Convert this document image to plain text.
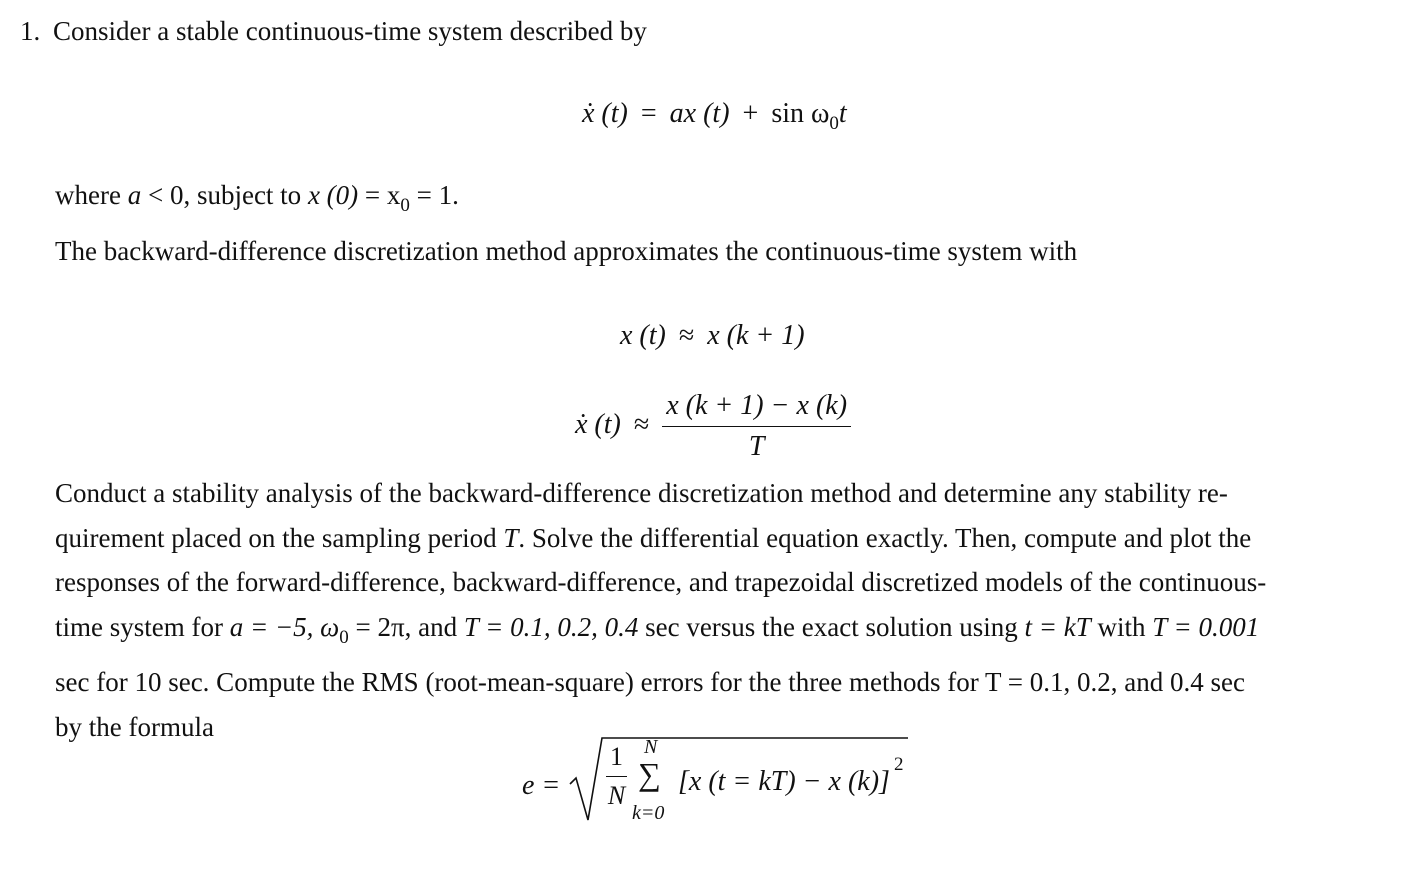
1. Consider a stable continuous-time system described by
ẋ (t) = ax $(t) + \sin \omega_0t$
where a < 0, subject to x $(0) = x_0 = 1$.
The backward-difference discretization method approximates the continuous-time system with
x (t) ≈ x (k + 1)
ẋ $(t) \approx \frac{x (k + 1) - x (k)}{T}$
Conduct a stability analysis of the backward-difference discretization method and determine any stability re-
quirement placed on the sampling period T. Solve the differential equation exactly. Then, compute and plot the
responses of the forward-difference, backward-difference, and trapezoidal discretized models of the continuous-
time system for a = −5, $\omega_0 = 2\pi$, and T = 0.1, 0.2, 0.4 sec versus the exact solution using t = kT with T = 0.001
sec for 10 sec. Compute the RMS (root-mean-square) errors for the three methods for T = 0.1, 0.2, and 0.4 sec
by the formula
$e = \frac{1}{N}$ N
∑
k=0
[x (t = kT) − x (k)]
2
